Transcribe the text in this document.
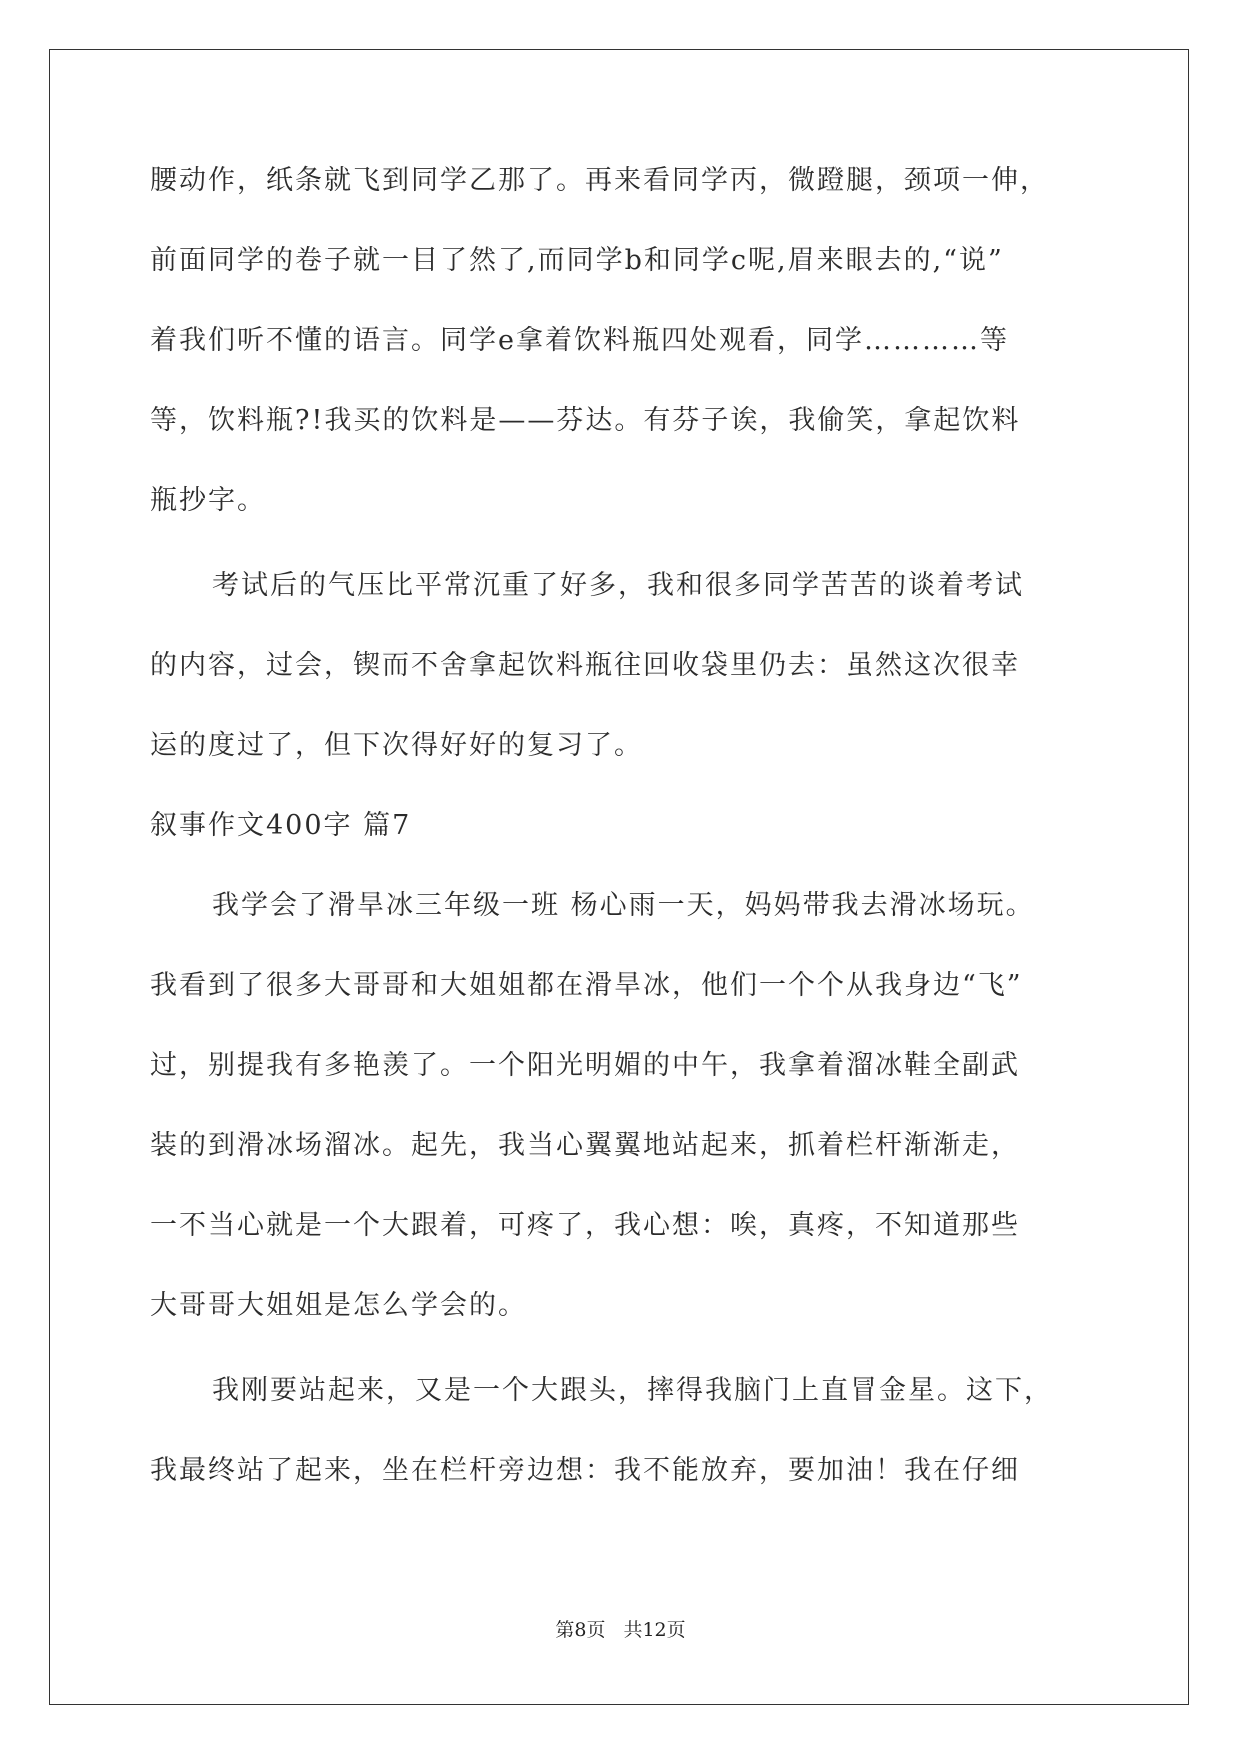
腰动作，纸条就飞到同学乙那了。再来看同学丙，微蹬腿，颈项一伸，
前面同学的卷子就一目了然了,而同学b和同学c呢,眉来眼去的,“说”
着我们听不懂的语言。同学e拿着饮料瓶四处观看，同学…………等
等，饮料瓶?!我买的饮料是——芬达。有芬子诶，我偷笑，拿起饮料
瓶抄字。
考试后的气压比平常沉重了好多，我和很多同学苦苦的谈着考试
的内容，过会，锲而不舍拿起饮料瓶往回收袋里仍去：虽然这次很幸
运的度过了，但下次得好好的复习了。
叙事作文400字 篇7
我学会了滑旱冰三年级一班 杨心雨一天，妈妈带我去滑冰场玩。
我看到了很多大哥哥和大姐姐都在滑旱冰，他们一个个从我身边“飞”
过，别提我有多艳羡了。一个阳光明媚的中午，我拿着溜冰鞋全副武
装的到滑冰场溜冰。起先，我当心翼翼地站起来，抓着栏杆渐渐走，
一不当心就是一个大跟着，可疼了，我心想：唉，真疼，不知道那些
大哥哥大姐姐是怎么学会的。
我刚要站起来，又是一个大跟头，摔得我脑门上直冒金星。这下，
我最终站了起来，坐在栏杆旁边想：我不能放弃，要加油！我在仔细
第8页 共12页
